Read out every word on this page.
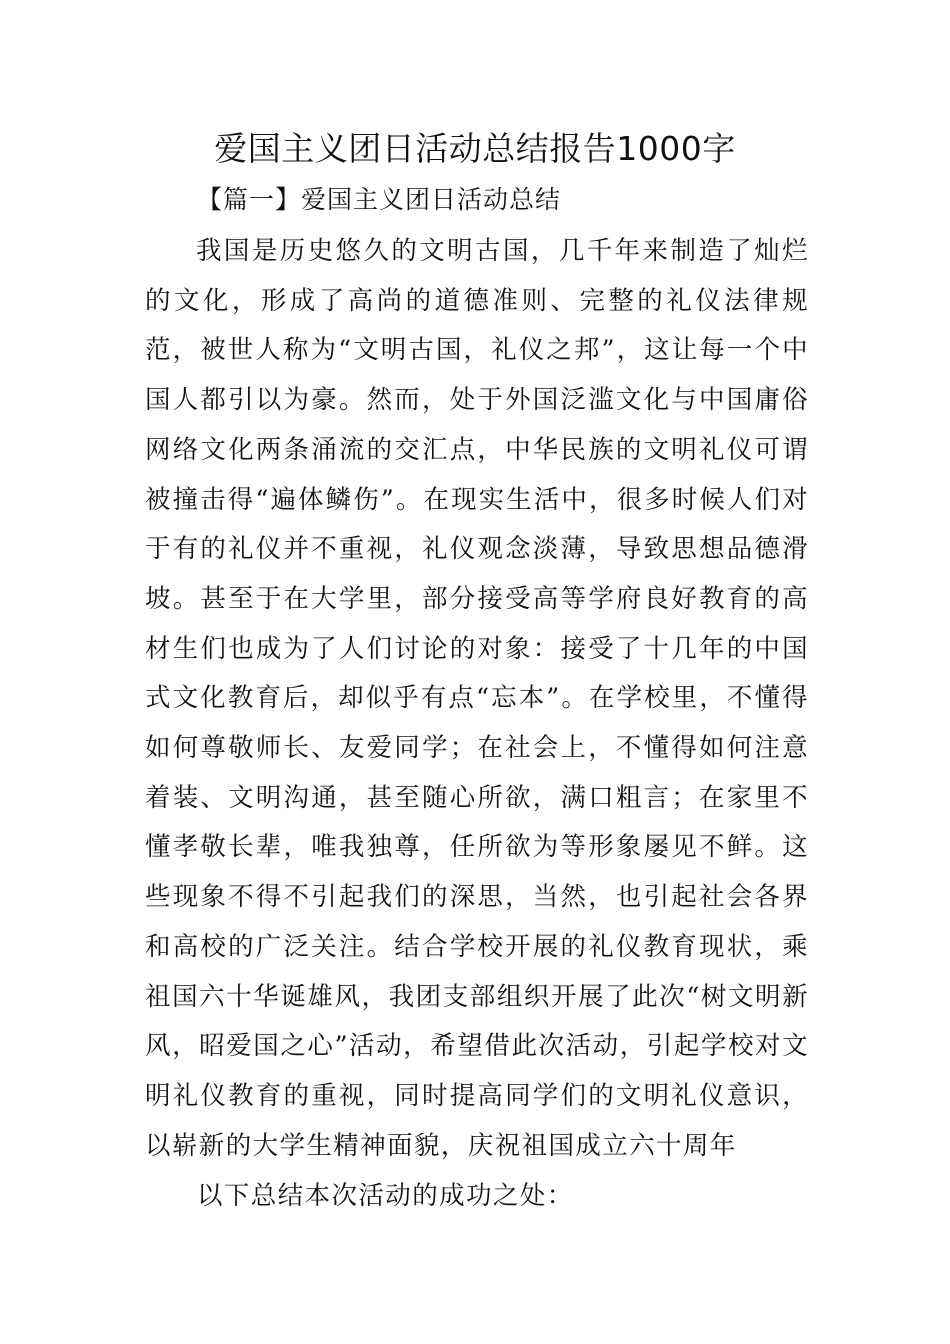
爱国主义团日活动总结报告1000字
【篇一】爱国主义团日活动总结

我国是历史悠久的文明古国，几千年来制造了灿烂的文化，形成了高尚的道德准则、完整的礼仪法律规范，被世人称为“文明古国，礼仪之邦”，这让每一个中国人都引以为豪。然而，处于外国泛滥文化与中国庸俗网络文化两条涌流的交汇点，中华民族的文明礼仪可谓被撞击得“遍体鳞伤”。在现实生活中，很多时候人们对于有的礼仪并不重视，礼仪观念淡薄，导致思想品德滑坡。甚至于在大学里，部分接受高等学府良好教育的高材生们也成为了人们讨论的对象：接受了十几年的中国式文化教育后，却似乎有点“忘本”。在学校里，不懂得如何尊敬师长、友爱同学；在社会上，不懂得如何注意着装、文明沟通，甚至随心所欲，满口粗言；在家里不懂孝敬长辈，唯我独尊，任所欲为等形象屡见不鲜。这些现象不得不引起我们的深思，当然，也引起社会各界和高校的广泛关注。结合学校开展的礼仪教育现状，乘祖国六十华诞雄风，我团支部组织开展了此次“树文明新风，昭爱国之心”活动，希望借此次活动，引起学校对文明礼仪教育的重视，同时提高同学们的文明礼仪意识，以崭新的大学生精神面貌，庆祝祖国成立六十周年

以下总结本次活动的成功之处：
